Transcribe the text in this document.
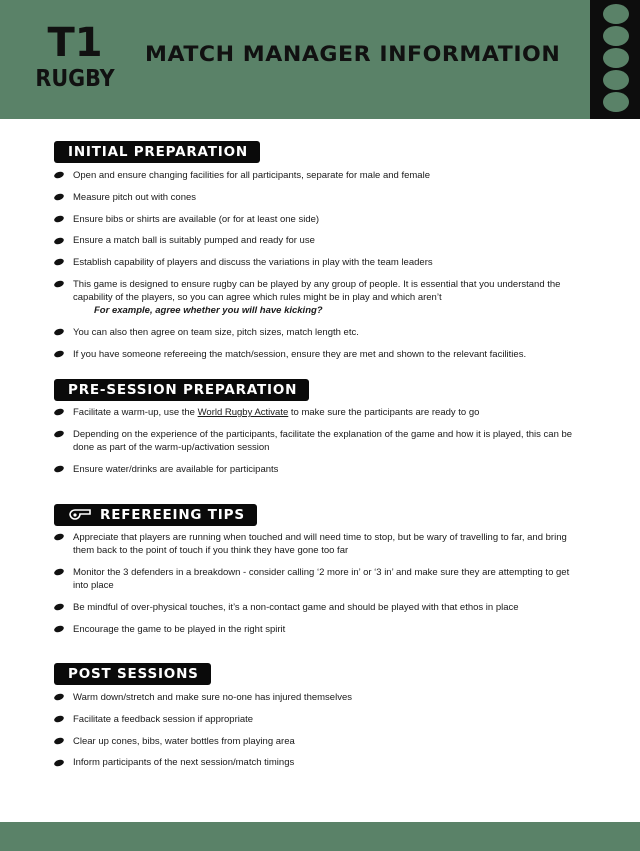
T1
RUGBY
MATCH MANAGER INFORMATION
INITIAL PREPARATION
Open and ensure changing facilities for all participants, separate for male and female
Measure pitch out with cones
Ensure bibs or shirts are available (or for at least one side)
Ensure a match ball is suitably pumped and ready for use
Establish capability of players and discuss the variations in play with the team leaders
This game is designed to ensure rugby can be played by any group of people. It is essential that you understand the capability of the players, so you can agree which rules might be in play and which aren’t
For example, agree whether you will have kicking?
You can also then agree on team size, pitch sizes, match length etc.
If you have someone refereeing the match/session, ensure they are met and shown to the relevant facilities.
PRE-SESSION PREPARATION
Facilitate a warm-up, use the World Rugby Activate to make sure the participants are ready to go
Depending on the experience of the participants, facilitate the explanation of the game and how it is played, this can be done as part of the warm-up/activation session
Ensure water/drinks are available for participants
REFEREEING TIPS
Appreciate that players are running when touched and will need time to stop, but be wary of travelling to far, and bring them back to the point of touch if you think they have gone too far
Monitor the 3 defenders in a breakdown - consider calling ‘2 more in’ or ‘3 in’ and make sure they are attempting to get into place
Be mindful of over-physical touches, it’s a non-contact game and should be played with that ethos in place
Encourage the game to be played in the right spirit
POST SESSIONS
Warm down/stretch and make sure no-one has injured themselves
Facilitate a feedback session if appropriate
Clear up cones, bibs, water bottles from playing area
Inform participants of the next session/match timings
